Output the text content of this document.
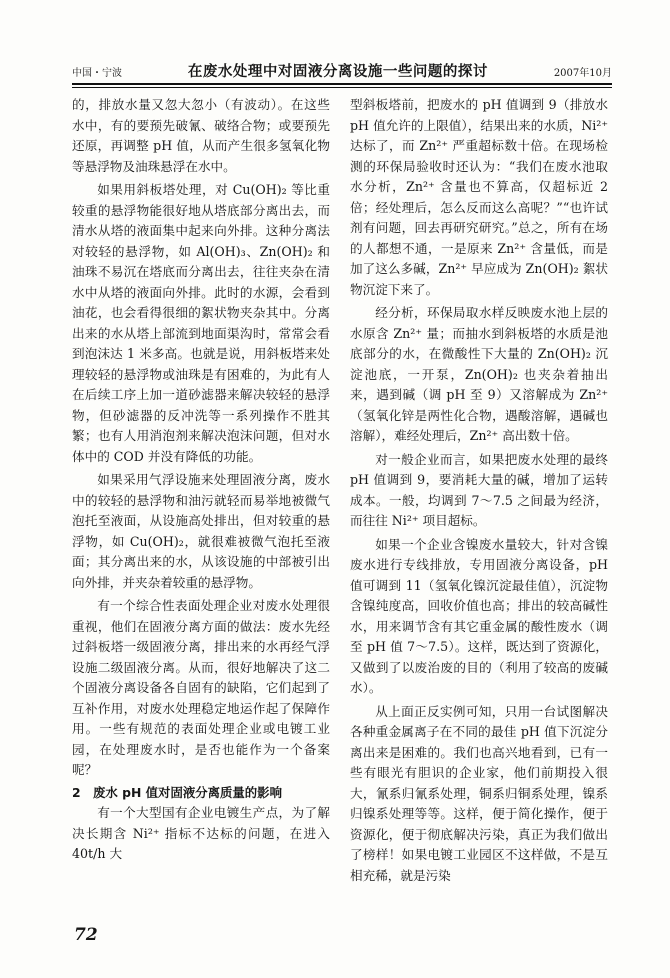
中国・宁波	在废水处理中对固液分离设施一些问题的探讨	2007年10月

的，排放水量又忽大忽小（有波动）。在这些水中，有的要预先破氰、破络合物；或要预先还原，再调整 pH 值，从而产生很多氢氧化物等悬浮物及油珠悬浮在水中。

如果用斜板塔处理，对 Cu(OH)₂ 等比重较重的悬浮物能很好地从塔底部分离出去，而清水从塔的液面集中起来向外排。这种分离法对较轻的悬浮物，如 Al(OH)₃、Zn(OH)₂ 和油珠不易沉在塔底而分离出去，往往夹杂在清水中从塔的液面向外排。此时的水源，会看到油花，也会看得很细的絮状物夹杂其中。分离出来的水从塔上部流到地面渠沟时，常常会看到泡沫达 1 米多高。也就是说，用斜板塔来处理较轻的悬浮物或油珠是有困难的，为此有人在后续工序上加一道砂滤器来解决较轻的悬浮物，但砂滤器的反冲洗等一系列操作不胜其繁；也有人用消泡剂来解决泡沫问题，但对水体中的 COD 并没有降低的功能。

如果采用气浮设施来处理固液分离，废水中的较轻的悬浮物和油污就轻而易举地被微气泡托至液面，从设施高处排出，但对较重的悬浮物，如 Cu(OH)₂，就很难被微气泡托至液面；其分离出来的水，从该设施的中部被引出向外排，并夹杂着较重的悬浮物。

有一个综合性表面处理企业对废水处理很重视，他们在固液分离方面的做法：废水先经过斜板塔一级固液分离，排出来的水再经气浮设施二级固液分离。从而，很好地解决了这二个固液分离设备各自固有的缺陷，它们起到了互补作用，对废水处理稳定地运作起了保障作用。一些有规范的表面处理企业或电镀工业园，在处理废水时，是否也能作为一个备案呢？

2　废水 pH 值对固液分离质量的影响

有一个大型国有企业电镀生产点，为了解决长期含 Ni²⁺ 指标不达标的问题，在进入 40t/h 大

型斜板塔前，把废水的 pH 值调到 9（排放水 pH 值允许的上限值），结果出来的水质，Ni²⁺ 达标了，而 Zn²⁺ 严重超标数十倍。在现场检测的环保局验收时还认为：“我们在废水池取水分析，Zn²⁺ 含量也不算高，仅超标近 2 倍；经处理后，怎么反而这么高呢？”“也许试剂有问题，回去再研究研究。”总之，所有在场的人都想不通，一是原来 Zn²⁺ 含量低，而是加了这么多碱，Zn²⁺ 早应成为 Zn(OH)₂ 絮状物沉淀下来了。

经分析，环保局取水样反映废水池上层的水原含 Zn²⁺ 量；而抽水到斜板塔的水质是池底部分的水，在微酸性下大量的 Zn(OH)₂ 沉淀池底，一开泵，Zn(OH)₂ 也夹杂着抽出来，遇到碱（调 pH 至 9）又溶解成为 Zn²⁺（氢氧化锌是两性化合物，遇酸溶解，遇碱也溶解），难经处理后，Zn²⁺ 高出数十倍。

对一般企业而言，如果把废水处理的最终 pH 值调到 9，要消耗大量的碱，增加了运转成本。一般，均调到 7～7.5 之间最为经济，而往往 Ni²⁺ 项目超标。

如果一个企业含镍废水量较大，针对含镍废水进行专线排放，专用固液分离设备，pH 值可调到 11（氢氧化镍沉淀最佳值），沉淀物含镍纯度高，回收价值也高；排出的较高碱性水，用来调节含有其它重金属的酸性废水（调至 pH 值 7～7.5）。这样，既达到了资源化，又做到了以废治废的目的（利用了较高的废碱水）。

从上面正反实例可知，只用一台试图解决各种重金属离子在不同的最佳 pH 值下沉淀分离出来是困难的。我们也高兴地看到，已有一些有眼光有胆识的企业家，他们前期投入很大，氰系归氰系处理，铜系归铜系处理，镍系归镍系处理等等。这样，便于简化操作，便于资源化，便于彻底解决污染，真正为我们做出了榜样！如果电镀工业园区不这样做，不是互相充稀，就是污染

72
